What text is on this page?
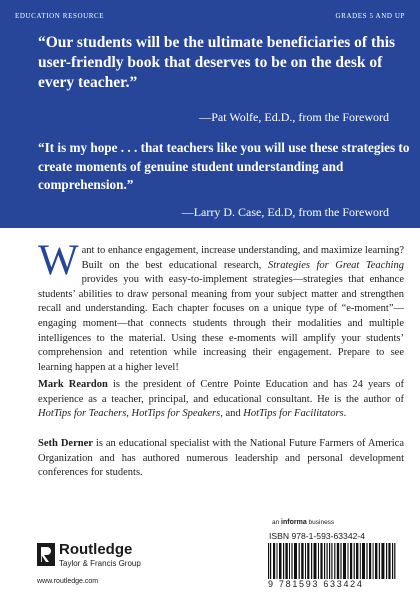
EDUCATION RESOURCE	GRADES 5 AND UP
“Our students will be the ultimate beneficiaries of this user-friendly book that deserves to be on the desk of every teacher.”
—Pat Wolfe, Ed.D., from the Foreword
“It is my hope . . . that teachers like you will use these strategies to create moments of genuine student understanding and comprehension.”
—Larry D. Case, Ed.D, from the Foreword
Want to enhance engagement, increase understanding, and maximize learning? Built on the best educational research, Strategies for Great Teaching provides you with easy-to-implement strategies—strategies that enhance students’ abilities to draw personal meaning from your subject matter and strengthen recall and understanding. Each chapter focuses on a unique type of “e-moment”—engaging moment—that connects students through their modalities and multiple intelligences to the material. Using these e-moments will amplify your students’ comprehension and retention while increasing their engagement. Prepare to see learning happen at a higher level!
Mark Reardon is the president of Centre Pointe Education and has 24 years of experience as a teacher, principal, and educational consultant. He is the author of HotTips for Teachers, HotTips for Speakers, and HotTips for Facilitators.
Seth Derner is an educational specialist with the National Future Farmers of America Organization and has authored numerous leadership and personal development conferences for students.
an informa business
ISBN 978-1-593-63342-4
9 781593 633424
Routledge
Taylor & Francis Group
www.routledge.com
